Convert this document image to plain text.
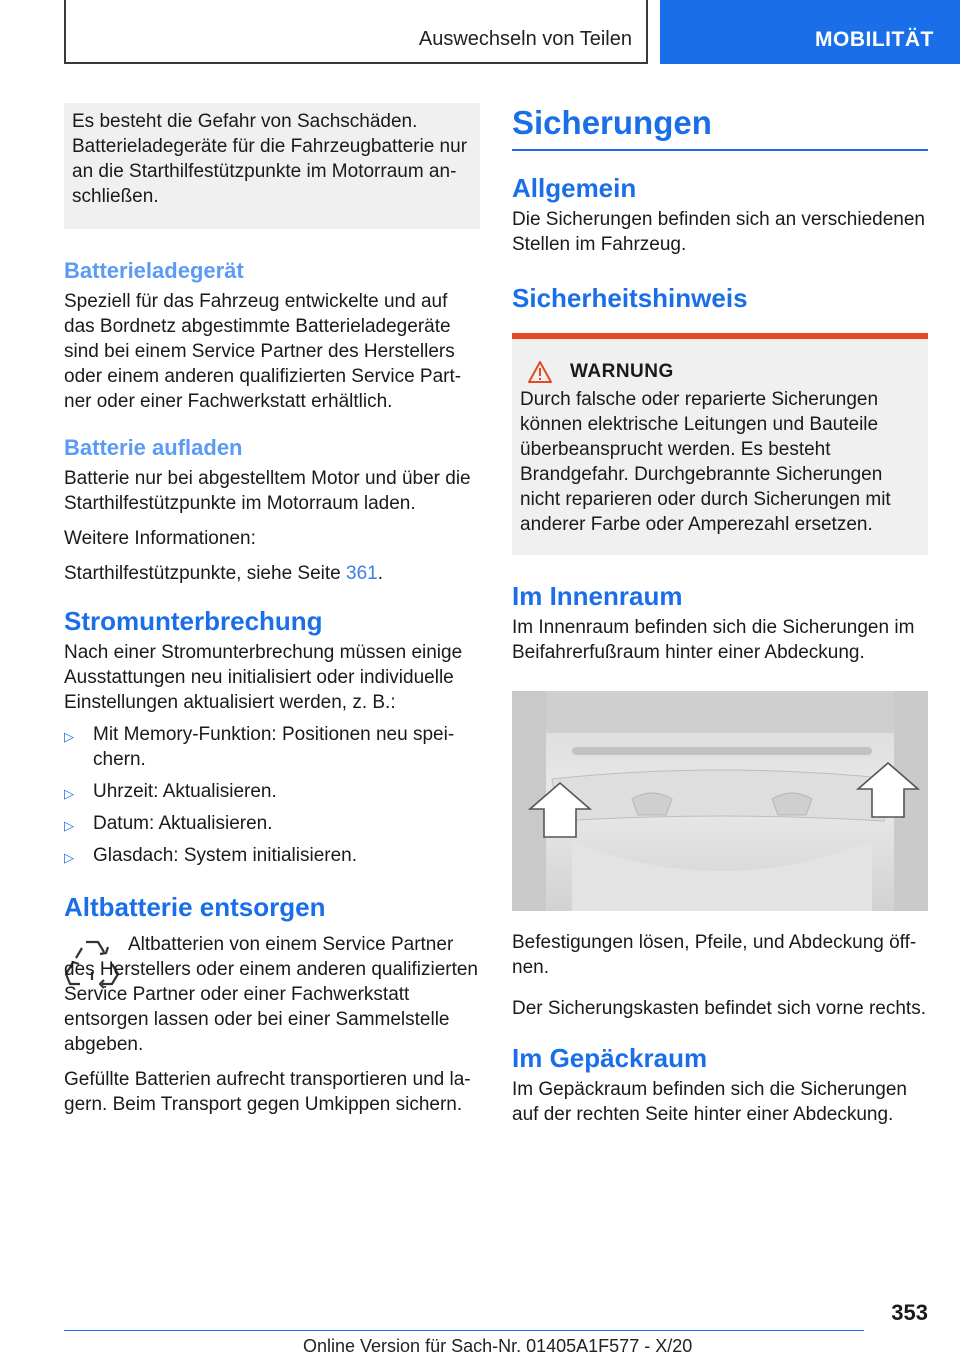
Auswechseln von Teilen	MOBILITÄT

Es besteht die Gefahr von Sachschäden. Batterieladegeräte für die Fahrzeugbatterie nur an die Starthilfestützpunkte im Motorraum anschließen.

Batterieladegerät

Speziell für das Fahrzeug entwickelte und auf das Bordnetz abgestimmte Batterieladegeräte sind bei einem Service Partner des Herstellers oder einem anderen qualifizierten Service Partner oder einer Fachwerkstatt erhältlich.

Batterie aufladen

Batterie nur bei abgestelltem Motor und über die Starthilfestützpunkte im Motorraum laden.

Weitere Informationen:

Starthilfestützpunkte, siehe Seite 361.

Stromunterbrechung

Nach einer Stromunterbrechung müssen einige Ausstattungen neu initialisiert oder individuelle Einstellungen aktualisiert werden, z. B.:

▷ Mit Memory-Funktion: Positionen neu speichern.
▷ Uhrzeit: Aktualisieren.
▷ Datum: Aktualisieren.
▷ Glasdach: System initialisieren.
Altbatterie entsorgen

Altbatterien von einem Service Partner des Herstellers oder einem anderen qualifizierten Service Partner oder einer Fachwerkstatt entsorgen lassen oder bei einer Sammelstelle abgeben.

Gefüllte Batterien aufrecht transportieren und lagern. Beim Transport gegen Umkippen sichern.

Sicherungen
Allgemein

Die Sicherungen befinden sich an verschiedenen Stellen im Fahrzeug.

Sicherheitshinweis
WARNUNG

Durch falsche oder reparierte Sicherungen können elektrische Leitungen und Bauteile überbeansprucht werden. Es besteht Brandgefahr. Durchgebrannte Sicherungen nicht reparieren oder durch Sicherungen mit anderer Farbe oder Amperezahl ersetzen.

Im Innenraum

Im Innenraum befinden sich die Sicherungen im Beifahrerfußraum hinter einer Abdeckung.

Befestigungen lösen, Pfeile, und Abdeckung öffnen.

Der Sicherungskasten befindet sich vorne rechts.

Im Gepäckraum

Im Gepäckraum befinden sich die Sicherungen auf der rechten Seite hinter einer Abdeckung.

353
Online Version für Sach-Nr. 01405A1F577 - X/20
